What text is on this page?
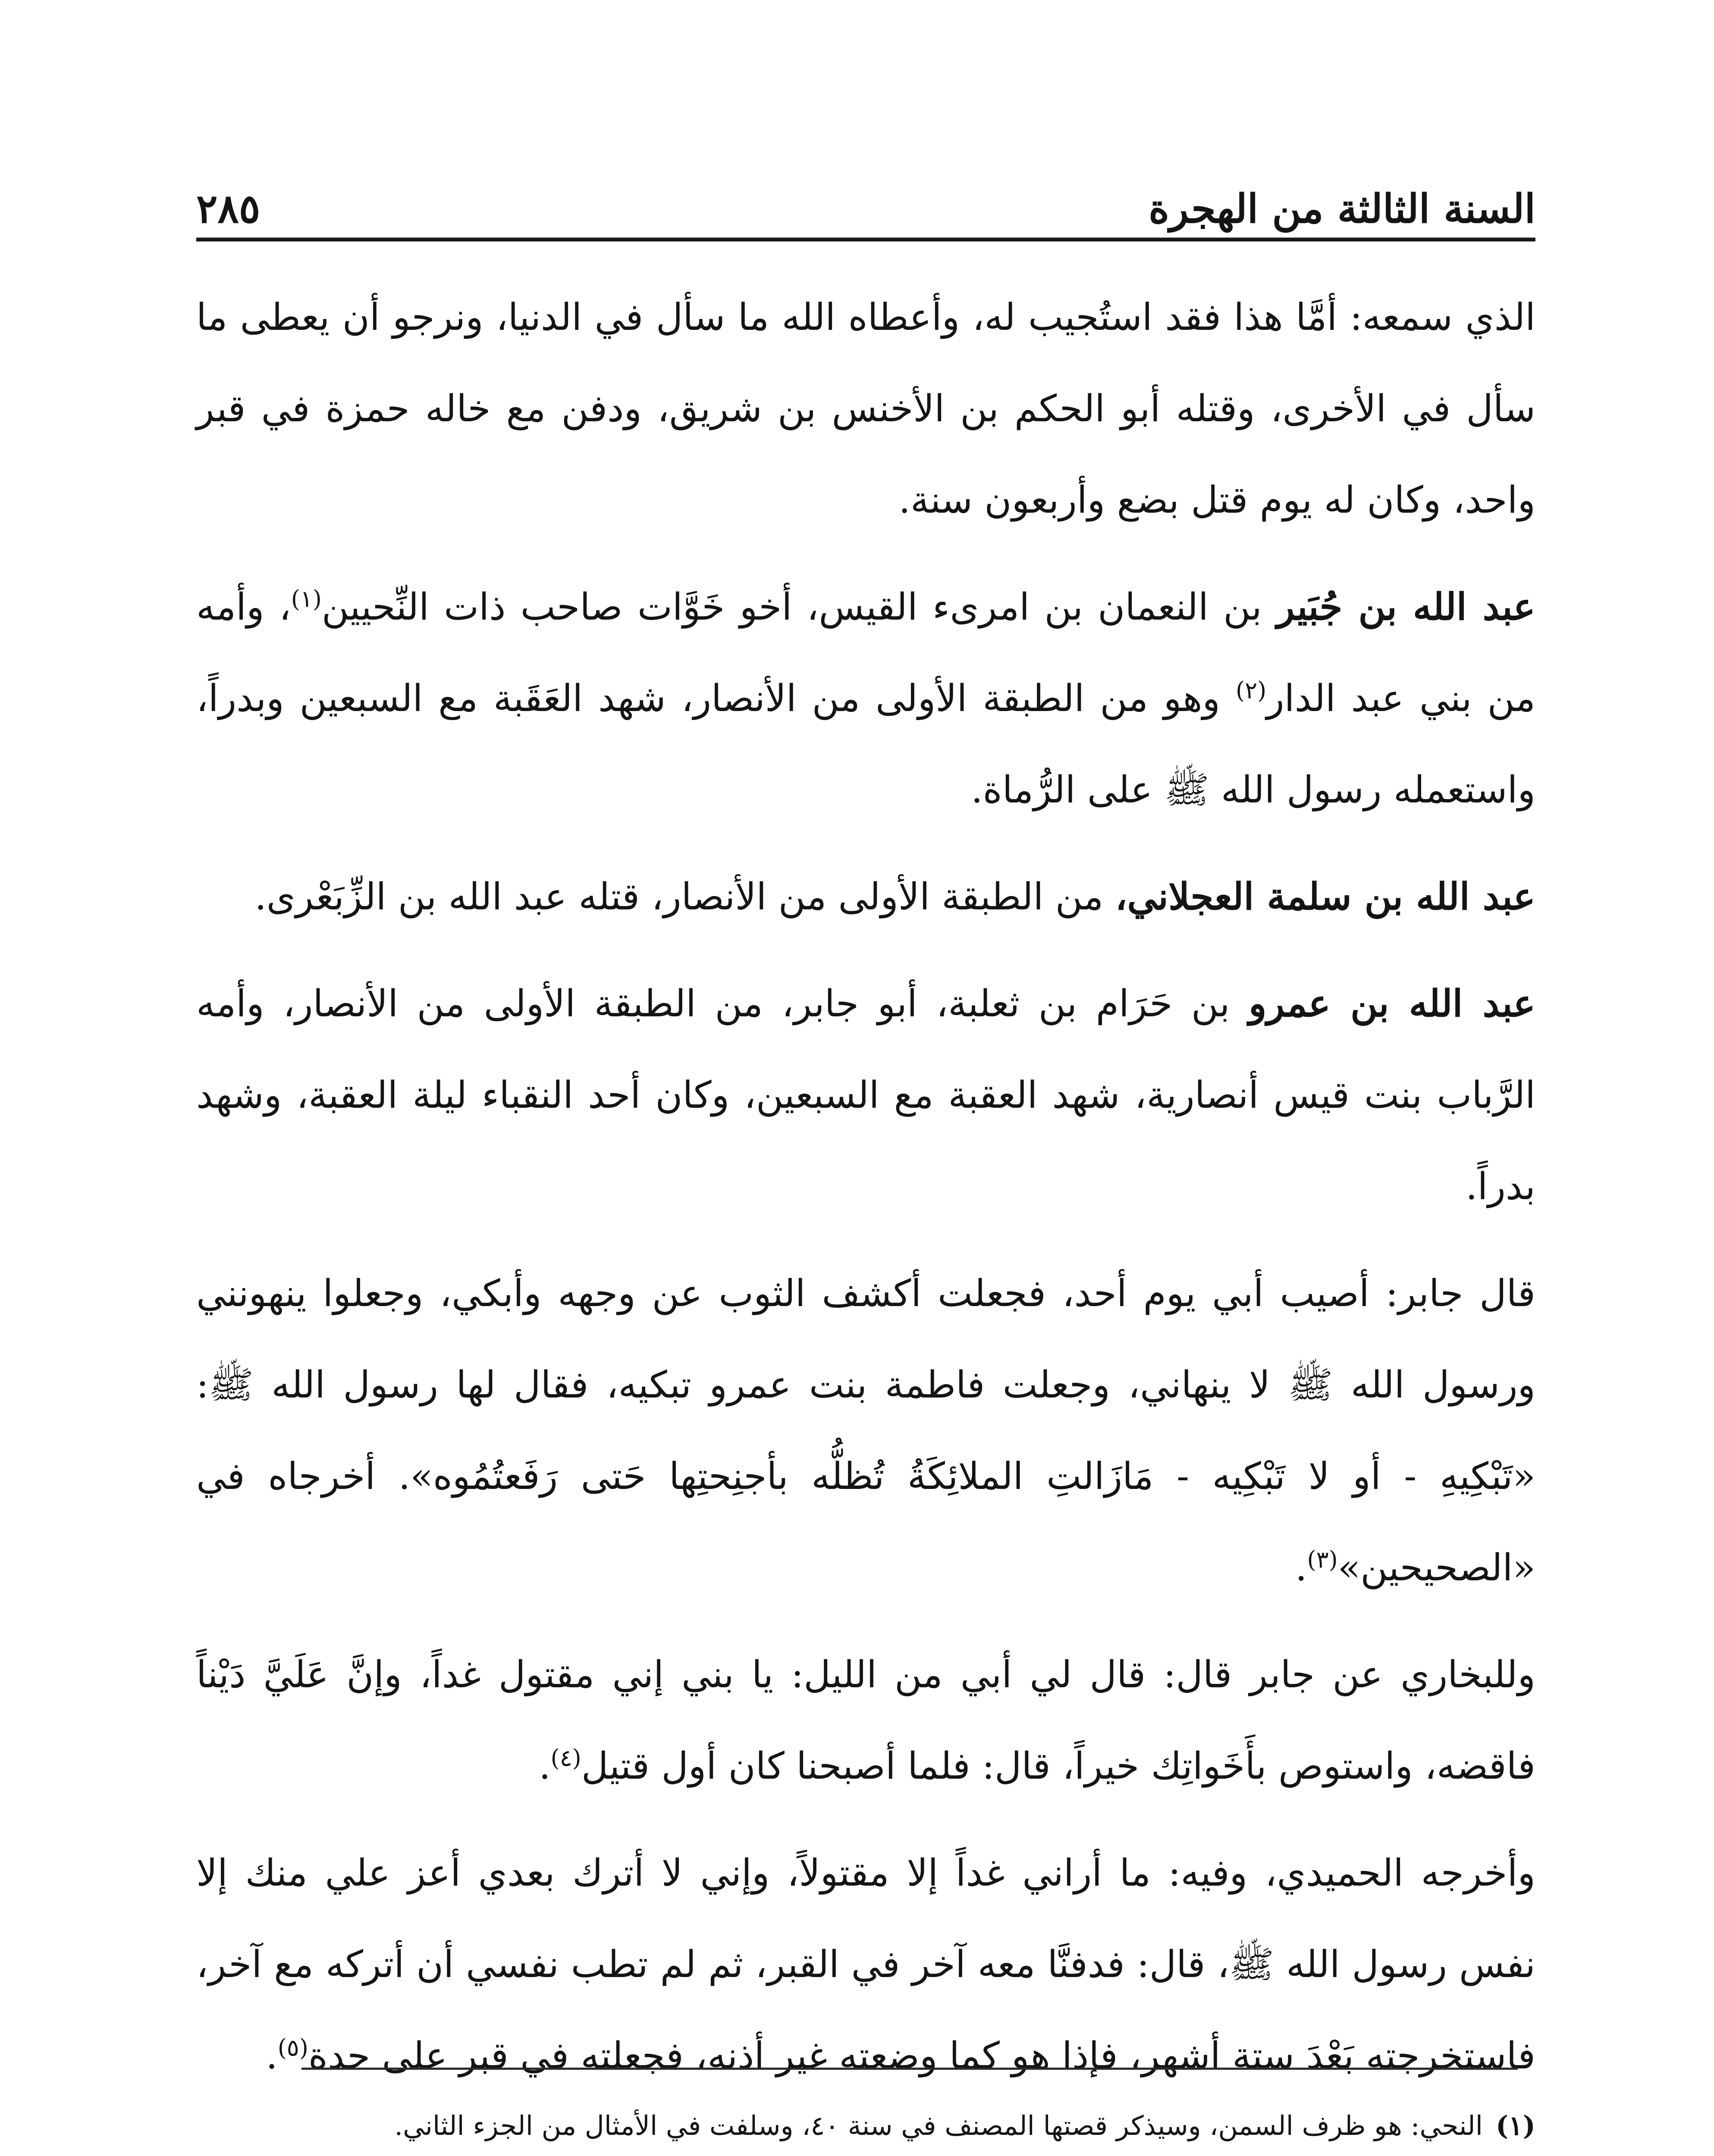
السنة الثالثة من الهجرة
٢٨٥

الذي سمعه: أمَّا هذا فقد استُجيب له، وأعطاه الله ما سأل في الدنيا، ونرجو أن يعطى ما سأل في الأخرى، وقتله أبو الحكم بن الأخنس بن شريق، ودفن مع خاله حمزة في قبر واحد، وكان له يوم قتل بضع وأربعون سنة.

عبد الله بن جُبَير بن النعمان بن امرىء القيس، أخو خَوَّات صاحب ذات النِّحيين$^{(١)}$، وأمه من بني عبد الدار$^{(٢)}$ وهو من الطبقة الأولى من الأنصار، شهد العَقَبة مع السبعين وبدراً، واستعمله رسول الله ﷺ على الرُّماة.

عبد الله بن سلمة العجلاني، من الطبقة الأولى من الأنصار، قتله عبد الله بن الزِّبَعْرى.

عبد الله بن عمرو بن حَرَام بن ثعلبة، أبو جابر، من الطبقة الأولى من الأنصار، وأمه الرَّباب بنت قيس أنصارية، شهد العقبة مع السبعين، وكان أحد النقباء ليلة العقبة، وشهد بدراً.

قال جابر: أصيب أبي يوم أحد، فجعلت أكشف الثوب عن وجهه وأبكي، وجعلوا ينهونني ورسول الله ﷺ لا ينهاني، وجعلت فاطمة بنت عمرو تبكيه، فقال لها رسول الله ﷺ: «تَبْكِيهِ - أو لا تَبْكِيه - مَازَالتِ الملائِكَةُ تُظلُّه بأجنِحتِها حَتى رَفَعتُمُوه». أخرجاه في «الصحيحين»$^{(٣)}$.

وللبخاري عن جابر قال: قال لي أبي من الليل: يا بني إني مقتول غداً، وإنَّ عَلَيَّ دَيْناً فاقضه، واستوص بأَخَواتِك خيراً، قال: فلما أصبحنا كان أول قتيل$^{(٤)}$.

وأخرجه الحميدي، وفيه: ما أراني غداً إلا مقتولاً، وإني لا أترك بعدي أعز علي منك إلا نفس رسول الله ﷺ، قال: فدفنَّا معه آخر في القبر، ثم لم تطب نفسي أن أتركه مع آخر، فاستخرجته بَعْدَ ستة أشهر، فإذا هو كما وضعته غير أذنه، فجعلته في قبر على حدة$^{(٥)}$.

(١)
النحي: هو ظرف السمن، وسيذكر قصتها المصنف في سنة ٤٠، وسلفت في الأمثال من الجزء الثاني.
